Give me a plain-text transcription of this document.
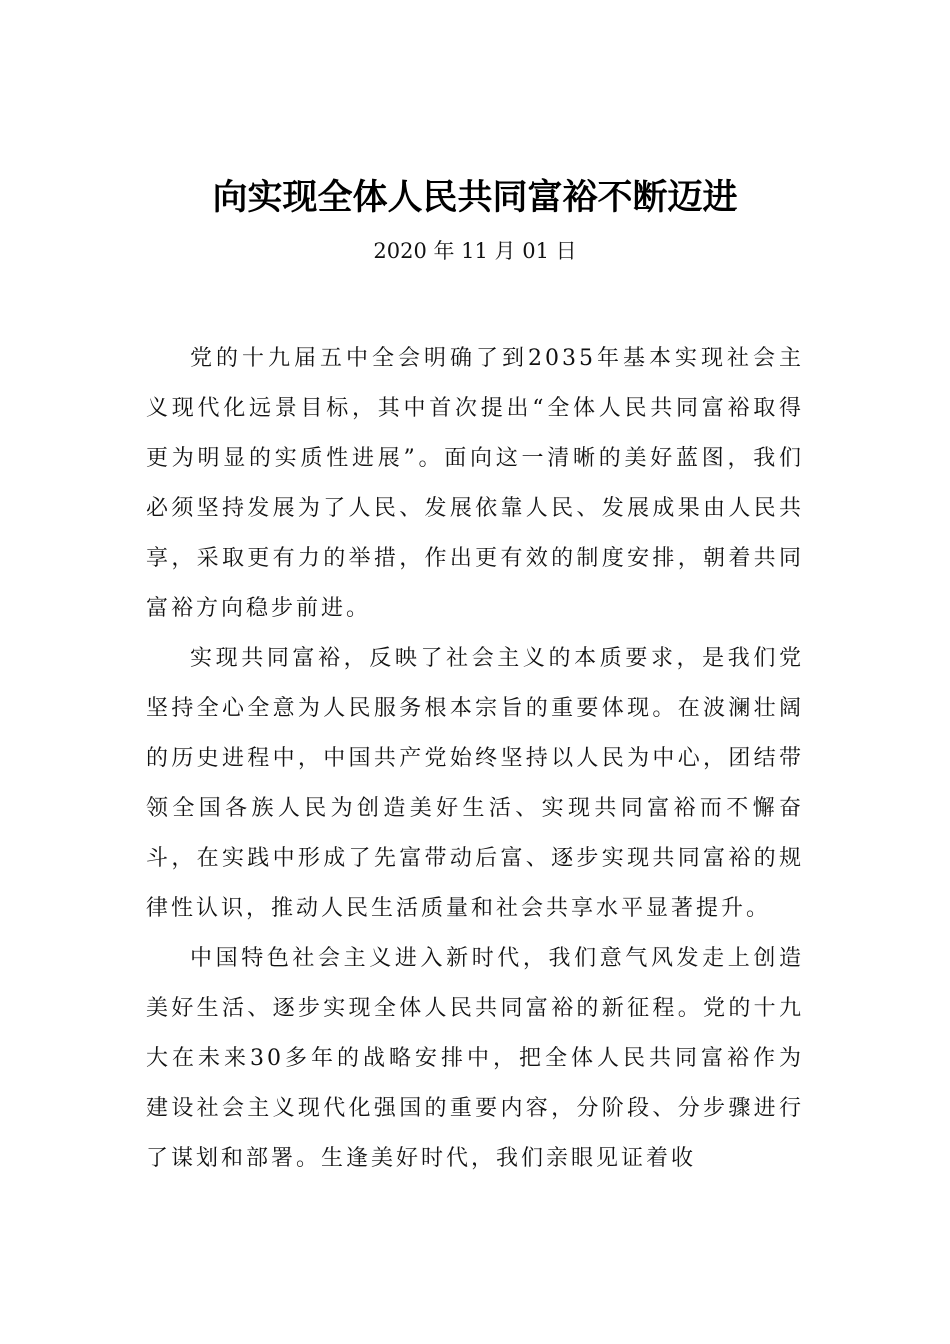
向实现全体人民共同富裕不断迈进
2020 年 11 月 01 日

党的十九届五中全会明确了到2035年基本实现社会主义现代化远景目标，其中首次提出“全体人民共同富裕取得更为明显的实质性进展”。面向这一清晰的美好蓝图，我们必须坚持发展为了人民、发展依靠人民、发展成果由人民共享，采取更有力的举措，作出更有效的制度安排，朝着共同富裕方向稳步前进。

实现共同富裕，反映了社会主义的本质要求，是我们党坚持全心全意为人民服务根本宗旨的重要体现。在波澜壮阔的历史进程中，中国共产党始终坚持以人民为中心，团结带领全国各族人民为创造美好生活、实现共同富裕而不懈奋斗，在实践中形成了先富带动后富、逐步实现共同富裕的规律性认识，推动人民生活质量和社会共享水平显著提升。

中国特色社会主义进入新时代，我们意气风发走上创造美好生活、逐步实现全体人民共同富裕的新征程。党的十九大在未来30多年的战略安排中，把全体人民共同富裕作为建设社会主义现代化强国的重要内容，分阶段、分步骤进行了谋划和部署。生逢美好时代，我们亲眼见证着收
